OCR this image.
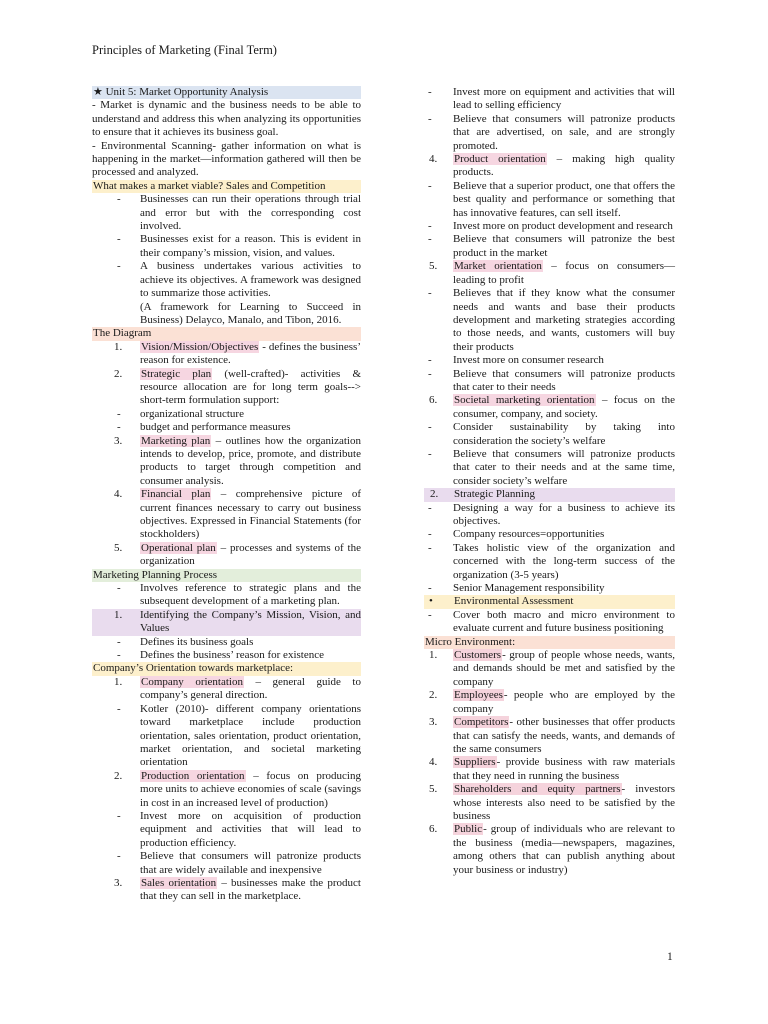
Principles of Marketing (Final Term)
★ Unit 5: Market Opportunity Analysis

- Market is dynamic and the business needs to be able to understand and address this when analyzing its opportunities to ensure that it achieves its business goal.

- Environmental Scanning- gather information on what is happening in the market—information gathered will then be processed and analyzed.

What makes a market viable? Sales and Competition
-	Businesses can run their operations through trial and error but with the corresponding cost involved.
-	Businesses exist for a reason. This is evident in their company’s mission, vision, and values.
-	A business undertakes various activities to achieve its objectives. A framework was designed to summarize those activities.
(A framework for Learning to Succeed in Business) Delayco, Manalo, and Tibon, 2016.
The Diagram
1.	Vision/Mission/Objectives - defines the business’ reason for existence.
2.	Strategic plan (well-crafted)- activities & resource allocation are for long term goals--> short-term formulation support:
-	organizational structure
-	budget and performance measures
3.	Marketing plan – outlines how the organization intends to develop, price, promote, and distribute products to target through competition and consumer analysis.
4.	Financial plan – comprehensive picture of current finances necessary to carry out business objectives. Expressed in Financial Statements (for stockholders)
5.	Operational plan – processes and systems of the organization
Marketing Planning Process
-	Involves reference to strategic plans and the subsequent development of a marketing plan.
1.	Identifying the Company’s Mission, Vision, and Values
-	Defines its business goals
-	Defines the business’ reason for existence
Company’s Orientation towards marketplace:
1.	Company orientation – general guide to company’s general direction.
-	Kotler (2010)- different company orientations toward marketplace include production orientation, sales orientation, product orientation, market orientation, and societal marketing orientation
2.	Production orientation – focus on producing more units to achieve economies of scale (savings in cost in an increased level of production)
-	Invest more on acquisition of production equipment and activities that will lead to production efficiency.
-	Believe that consumers will patronize products that are widely available and inexpensive
3.	Sales orientation – businesses make the product that they can sell in the marketplace.
-	Invest more on equipment and activities that will lead to selling efficiency
-	Believe that consumers will patronize products that are advertised, on sale, and are strongly promoted.
4.	Product orientation – making high quality products.
-	Believe that a superior product, one that offers the best quality and performance or something that has innovative features, can sell itself.
-	Invest more on product development and research
-	Believe that consumers will patronize the best product in the market
5.	Market orientation – focus on consumers—leading to profit
-	Believes that if they know what the consumer needs and wants and base their products development and marketing strategies according to those needs, and wants, customers will buy their products
-	Invest more on consumer research
-	Believe that consumers will patronize products that cater to their needs
6.	Societal marketing orientation – focus on the consumer, company, and society.
-	Consider sustainability by taking into consideration the society’s welfare
-	Believe that consumers will patronize products that cater to their needs and at the same time, consider society’s welfare
2.	Strategic Planning
-	Designing a way for a business to achieve its objectives.
-	Company resources=opportunities
-	Takes holistic view of the organization and concerned with the long-term success of the organization (3-5 years)
-	Senior Management responsibility
•	Environmental Assessment
-	Cover both macro and micro environment to evaluate current and future business positioning
Micro Environment:
1.	Customers- group of people whose needs, wants, and demands should be met and satisfied by the company
2.	Employees- people who are employed by the company
3.	Competitors- other businesses that offer products that can satisfy the needs, wants, and demands of the same consumers
4.	Suppliers- provide business with raw materials that they need in running the business
5.	Shareholders and equity partners- investors whose interests also need to be satisfied by the business
6.	Public- group of individuals who are relevant to the business (media—newspapers, magazines, among others that can publish anything about your business or industry)
1
